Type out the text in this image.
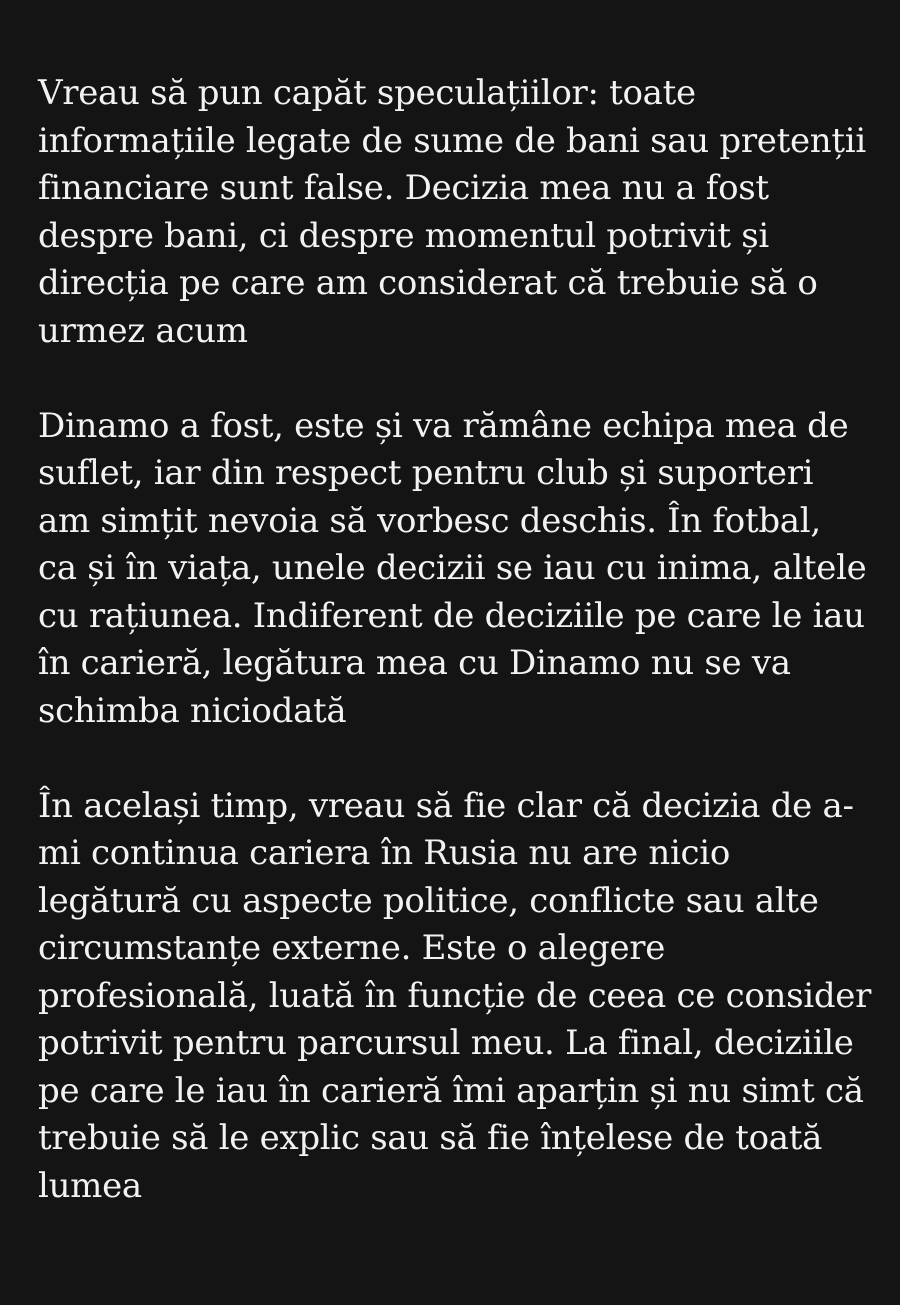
Vreau să pun capăt speculațiilor: toate
informațiile legate de sume de bani sau pretenții
financiare sunt false. Decizia mea nu a fost
despre bani, ci despre momentul potrivit și
direcția pe care am considerat că trebuie să o
urmez acum
Dinamo a fost, este și va rămâne echipa mea de
suflet, iar din respect pentru club și suporteri
am simțit nevoia să vorbesc deschis. În fotbal,
ca și în viața, unele decizii se iau cu inima, altele
cu rațiunea. Indiferent de deciziile pe care le iau
în carieră, legătura mea cu Dinamo nu se va
schimba niciodată
În același timp, vreau să fie clar că decizia de a-
mi continua cariera în Rusia nu are nicio
legătură cu aspecte politice, conflicte sau alte
circumstanțe externe. Este o alegere
profesională, luată în funcție de ceea ce consider
potrivit pentru parcursul meu. La final, deciziile
pe care le iau în carieră îmi aparțin și nu simt că
trebuie să le explic sau să fie înțelese de toată
lumea
